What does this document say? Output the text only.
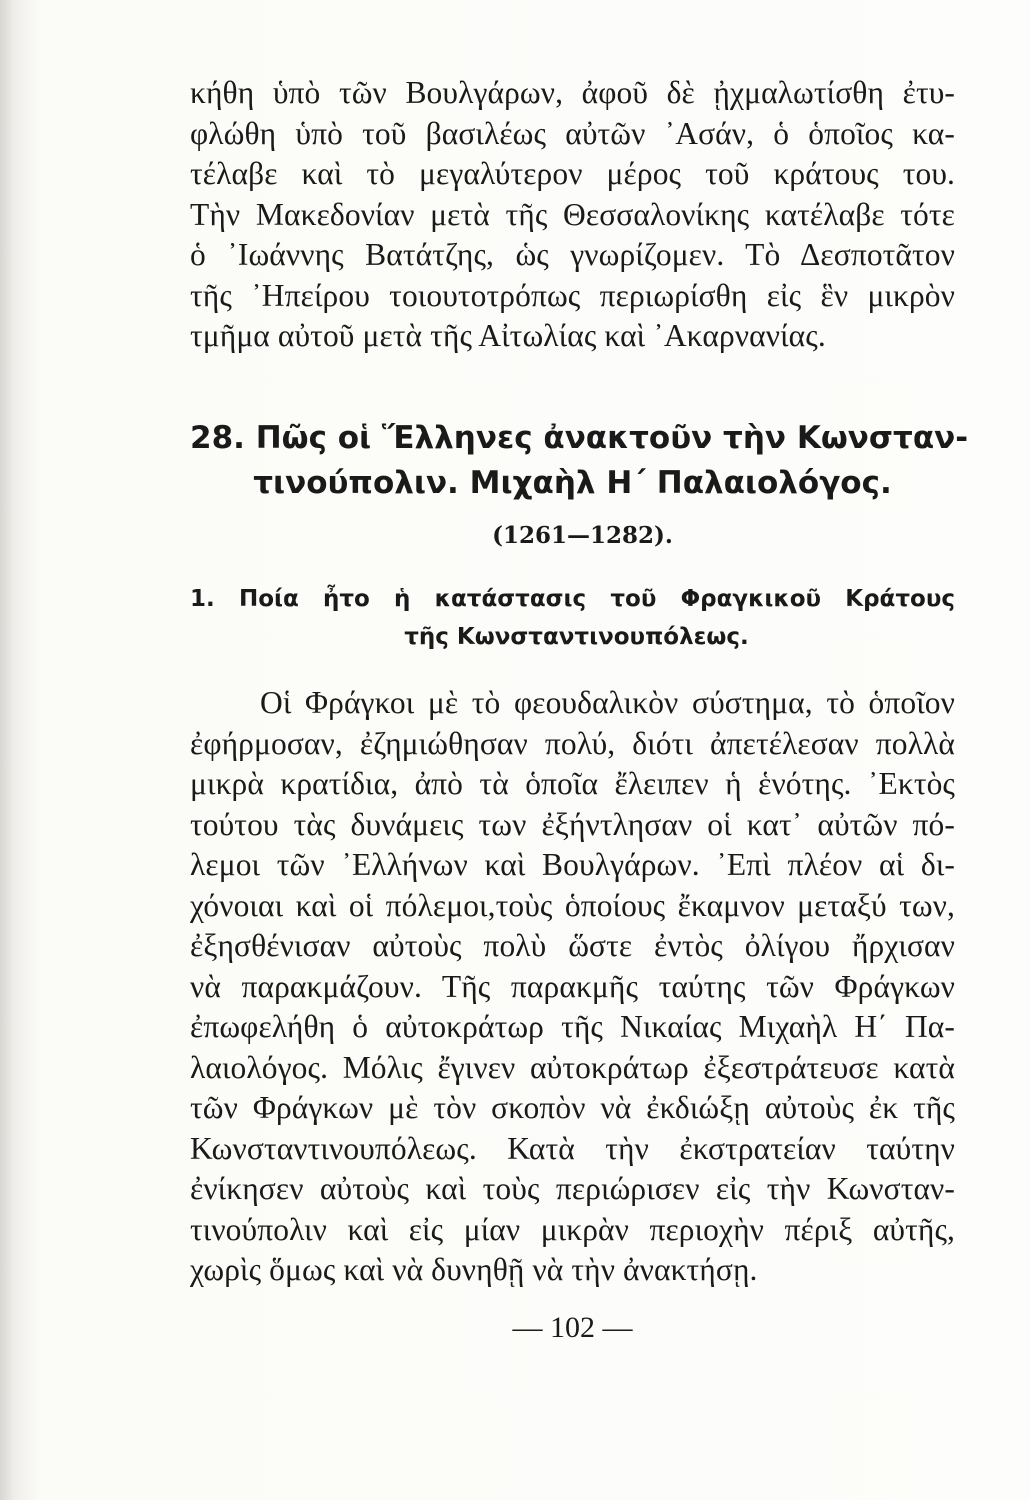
κήθη ὑπὸ τῶν Βουλγάρων, ἀφοῦ δὲ ᾐχμαλωτίσθη ἐτυ-
φλώθη ὑπὸ τοῦ βασιλέως αὐτῶν ᾿Ασάν, ὁ ὁποῖος κα-
τέλαβε καὶ τὸ μεγαλύτερον μέρος τοῦ κράτους του.
Τὴν Μακεδονίαν μετὰ τῆς Θεσσαλονίκης κατέλαβε τότε
ὁ ᾿Ιωάννης Βατάτζης, ὡς γνωρίζομεν. Τὸ Δεσποτᾶτον
τῆς ᾿Ηπείρου τοιουτοτρόπως περιωρίσθη εἰς ἓν μικρὸν
τμῆμα αὐτοῦ μετὰ τῆς Αἰτωλίας καὶ ᾿Ακαρνανίας.
28. Πῶς οἱ Ἕλληνες ἀνακτοῦν τὴν Κωνσταν-
τινούπολιν. Μιχαὴλ Η΄ Παλαιολόγος.
(1261—1282).
1. Ποία ἦτο ἡ κατάστασις τοῦ Φραγκικοῦ Κράτους
τῆς Κωνσταντινουπόλεως.
Οἱ Φράγκοι μὲ τὸ φεουδαλικὸν σύστημα, τὸ ὁποῖον
ἐφήρμοσαν, ἐζημιώθησαν πολύ, διότι ἀπετέλεσαν πολλὰ
μικρὰ κρατίδια, ἀπὸ τὰ ὁποῖα ἔλειπεν ἡ ἑνότης. ᾿Εκτὸς
τούτου τὰς δυνάμεις των ἐξήντλησαν οἱ κατ᾿ αὐτῶν πό-
λεμοι τῶν ᾿Ελλήνων καὶ Βουλγάρων. ᾿Επὶ πλέον αἱ δι-
χόνοιαι καὶ οἱ πόλεμοι,τοὺς ὁποίους ἔκαμνον μεταξύ των,
ἐξησθένισαν αὐτοὺς πολὺ ὥστε ἐντὸς ὀλίγου ἤρχισαν
νὰ παρακμάζουν. Τῆς παρακμῆς ταύτης τῶν Φράγκων
ἐπωφελήθη ὁ αὐτοκράτωρ τῆς Νικαίας Μιχαὴλ Η΄ Πα-
λαιολόγος. Μόλις ἔγινεν αὐτοκράτωρ ἐξεστράτευσε κατὰ
τῶν Φράγκων μὲ τὸν σκοπὸν νὰ ἐκδιώξῃ αὐτοὺς ἐκ τῆς
Κωνσταντινουπόλεως. Κατὰ τὴν ἐκστρατείαν ταύτην
ἐνίκησεν αὐτοὺς καὶ τοὺς περιώρισεν εἰς τὴν Κωνσταν-
τινούπολιν καὶ εἰς μίαν μικρὰν περιοχὴν πέριξ αὐτῆς,
χωρὶς ὅμως καὶ νὰ δυνηθῇ νὰ τὴν ἀνακτήσῃ.
— 102 —
